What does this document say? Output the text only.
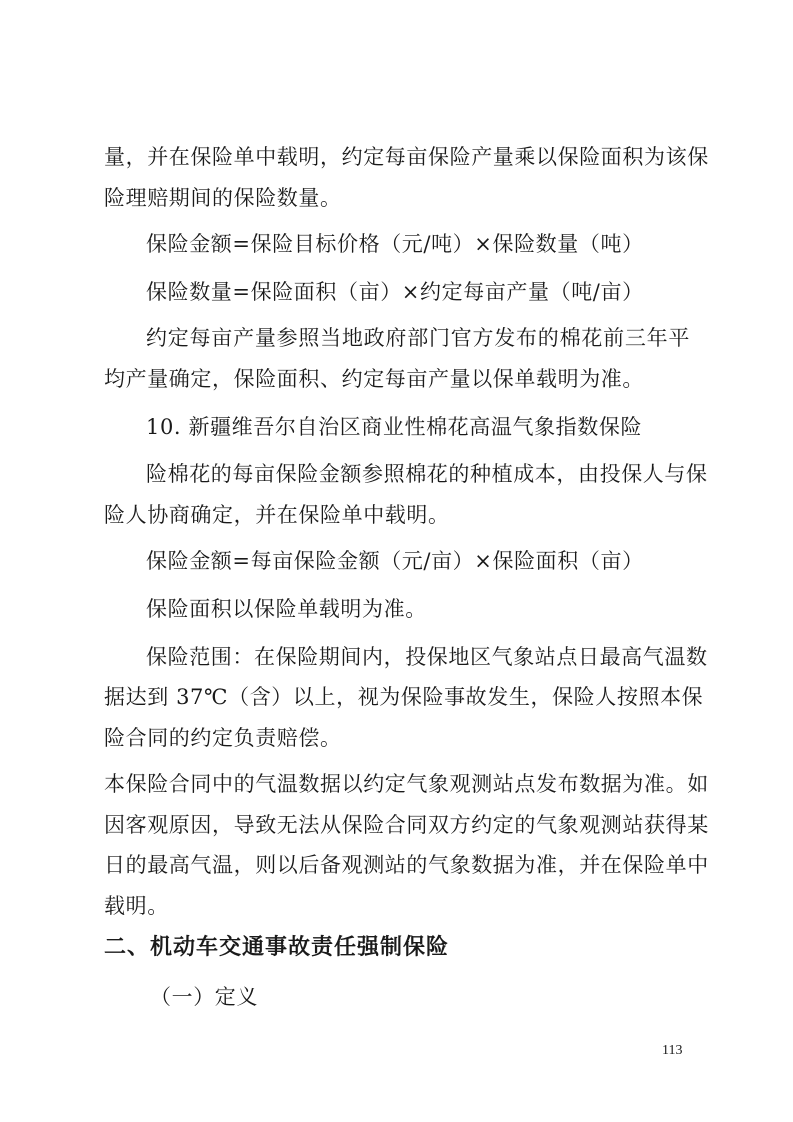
量，并在保险单中载明，约定每亩保险产量乘以保险面积为该保
险理赔期间的保险数量。
保险金额=保险目标价格（元/吨）×保险数量（吨）
保险数量=保险面积（亩）×约定每亩产量（吨/亩）
约定每亩产量参照当地政府部门官方发布的棉花前三年平
均产量确定，保险面积、约定每亩产量以保单载明为准。
10. 新疆维吾尔自治区商业性棉花高温气象指数保险
险棉花的每亩保险金额参照棉花的种植成本，由投保人与保
险人协商确定，并在保险单中载明。
保险金额=每亩保险金额（元/亩）×保险面积（亩）
保险面积以保险单载明为准。
保险范围：在保险期间内，投保地区气象站点日最高气温数
据达到 37℃（含）以上，视为保险事故发生，保险人按照本保
险合同的约定负责赔偿。
本保险合同中的气温数据以约定气象观测站点发布数据为准。如
因客观原因，导致无法从保险合同双方约定的气象观测站获得某
日的最高气温，则以后备观测站的气象数据为准，并在保险单中
载明。
二、机动车交通事故责任强制保险
（一）定义
113
